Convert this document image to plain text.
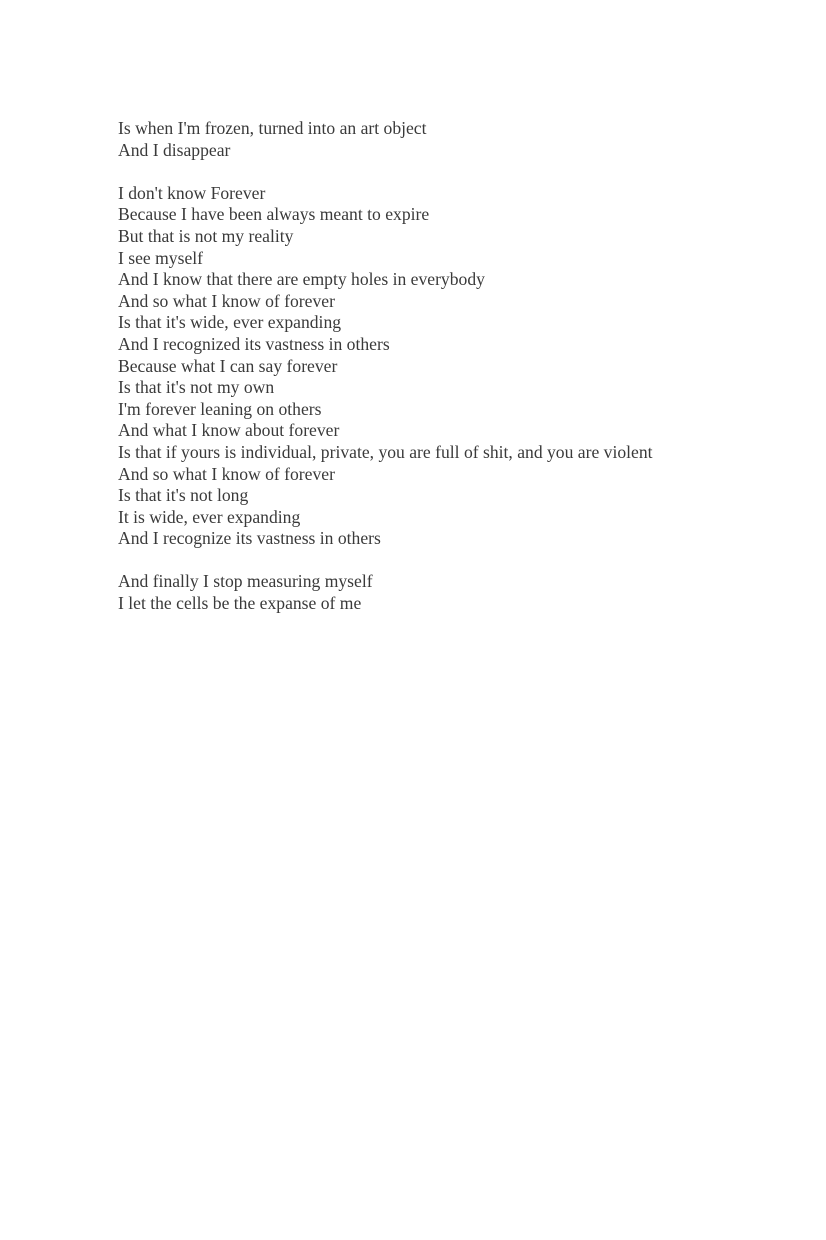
Is when I'm frozen, turned into an art object
And I disappear
I don't know Forever
Because I have been always meant to expire
But that is not my reality
I see myself
And I know that there are empty holes in everybody
And so what I know of forever
Is that it's wide, ever expanding
And I recognized its vastness in others
Because what I can say forever
Is that it's not my own
I'm forever leaning on others
And what I know about forever
Is that if yours is individual, private, you are full of shit, and you are violent
And so what I know of forever
Is that it's not long
It is wide, ever expanding
And I recognize its vastness in others
And finally I stop measuring myself
I let the cells be the expanse of me
